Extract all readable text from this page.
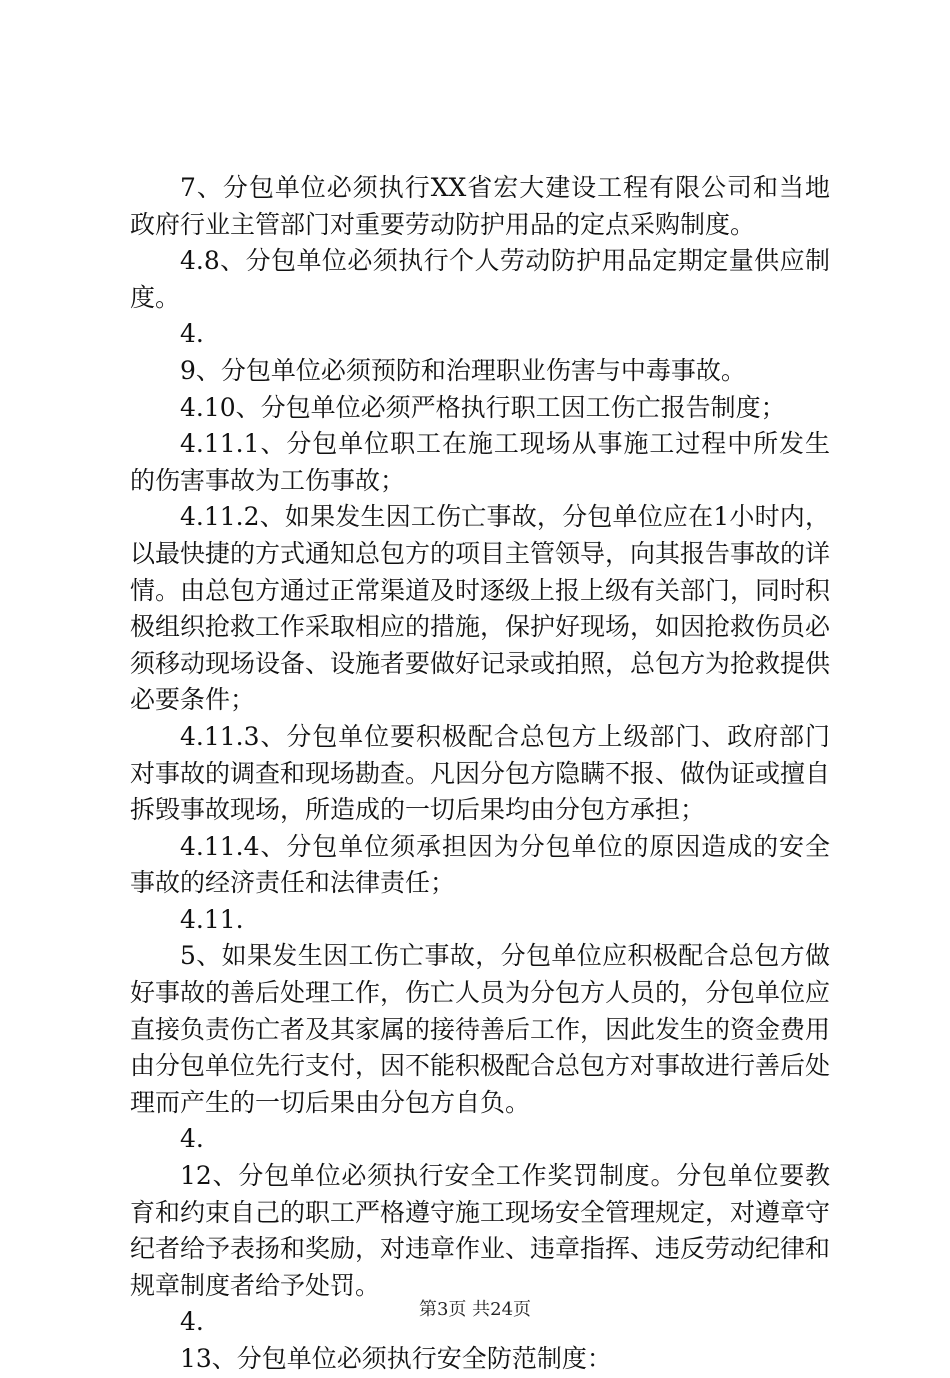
7、分包单位必须执行XX省宏大建设工程有限公司和当地政府行业主管部门对重要劳动防护用品的定点采购制度。

4.8、分包单位必须执行个人劳动防护用品定期定量供应制度。

4.

9、分包单位必须预防和治理职业伤害与中毒事故。

4.10、分包单位必须严格执行职工因工伤亡报告制度；

4.11.1、分包单位职工在施工现场从事施工过程中所发生的伤害事故为工伤事故；

4.11.2、如果发生因工伤亡事故，分包单位应在1小时内，以最快捷的方式通知总包方的项目主管领导，向其报告事故的详情。由总包方通过正常渠道及时逐级上报上级有关部门，同时积极组织抢救工作采取相应的措施，保护好现场，如因抢救伤员必须移动现场设备、设施者要做好记录或拍照，总包方为抢救提供必要条件；

4.11.3、分包单位要积极配合总包方上级部门、政府部门对事故的调查和现场勘查。凡因分包方隐瞒不报、做伪证或擅自拆毁事故现场，所造成的一切后果均由分包方承担；

4.11.4、分包单位须承担因为分包单位的原因造成的安全事故的经济责任和法律责任；

4.11.

5、如果发生因工伤亡事故，分包单位应积极配合总包方做好事故的善后处理工作，伤亡人员为分包方人员的，分包单位应直接负责伤亡者及其家属的接待善后工作，因此发生的资金费用由分包单位先行支付，因不能积极配合总包方对事故进行善后处理而产生的一切后果由分包方自负。

4.

12、分包单位必须执行安全工作奖罚制度。分包单位要教育和约束自己的职工严格遵守施工现场安全管理规定，对遵章守纪者给予表扬和奖励，对违章作业、违章指挥、违反劳动纪律和规章制度者给予处罚。

4.

13、分包单位必须执行安全防范制度：

第3页 共24页
